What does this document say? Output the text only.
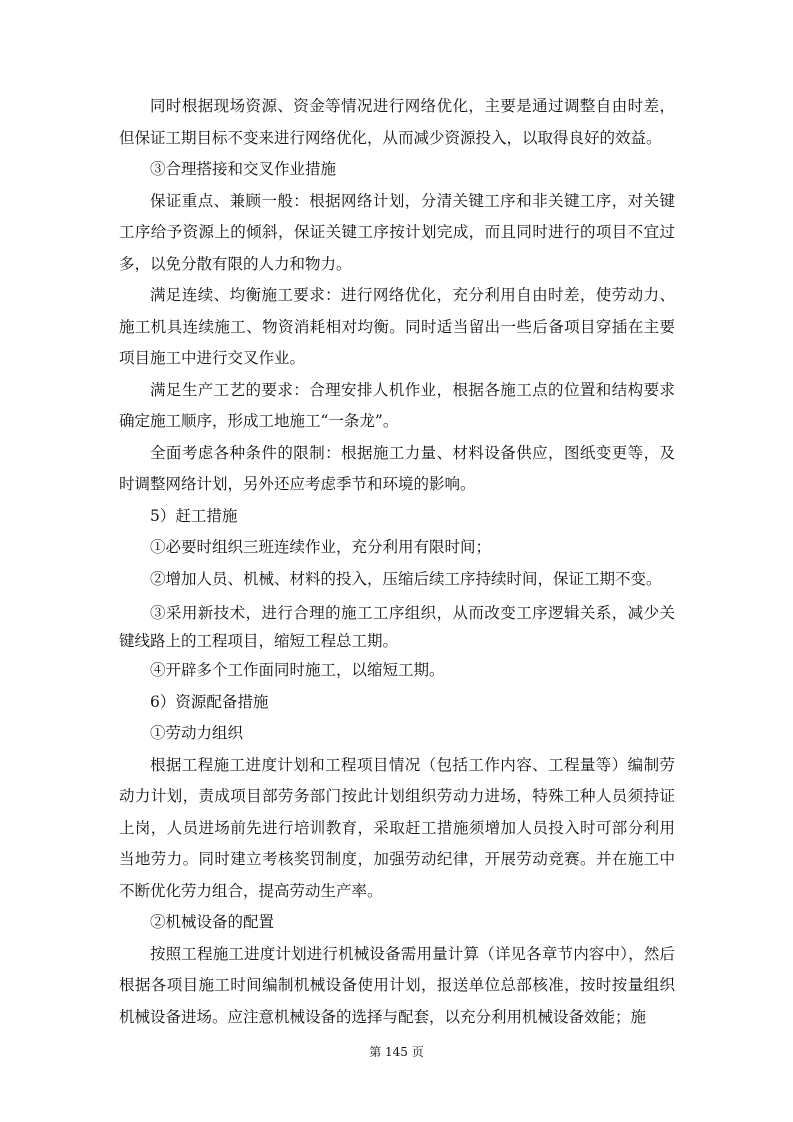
同时根据现场资源、资金等情况进行网络优化，主要是通过调整自由时差，但保证工期目标不变来进行网络优化，从而减少资源投入，以取得良好的效益。

③合理搭接和交叉作业措施

保证重点、兼顾一般：根据网络计划，分清关键工序和非关键工序，对关键工序给予资源上的倾斜，保证关键工序按计划完成，而且同时进行的项目不宜过多，以免分散有限的人力和物力。

满足连续、均衡施工要求：进行网络优化，充分利用自由时差，使劳动力、施工机具连续施工、物资消耗相对均衡。同时适当留出一些后备项目穿插在主要项目施工中进行交叉作业。

满足生产工艺的要求：合理安排人机作业，根据各施工点的位置和结构要求确定施工顺序，形成工地施工“一条龙”。

全面考虑各种条件的限制：根据施工力量、材料设备供应，图纸变更等，及时调整网络计划，另外还应考虑季节和环境的影响。

5）赶工措施

①必要时组织三班连续作业，充分利用有限时间；

②增加人员、机械、材料的投入，压缩后续工序持续时间，保证工期不变。

③采用新技术，进行合理的施工工序组织，从而改变工序逻辑关系，减少关键线路上的工程项目，缩短工程总工期。

④开辟多个工作面同时施工，以缩短工期。

6）资源配备措施

①劳动力组织

根据工程施工进度计划和工程项目情况（包括工作内容、工程量等）编制劳动力计划，责成项目部劳务部门按此计划组织劳动力进场，特殊工种人员须持证上岗，人员进场前先进行培训教育，采取赶工措施须增加人员投入时可部分利用当地劳力。同时建立考核奖罚制度，加强劳动纪律，开展劳动竞赛。并在施工中不断优化劳力组合，提高劳动生产率。

②机械设备的配置

按照工程施工进度计划进行机械设备需用量计算（详见各章节内容中），然后根据各项目施工时间编制机械设备使用计划，报送单位总部核准，按时按量组织机械设备进场。应注意机械设备的选择与配套，以充分利用机械设备效能；施

第 145 页
